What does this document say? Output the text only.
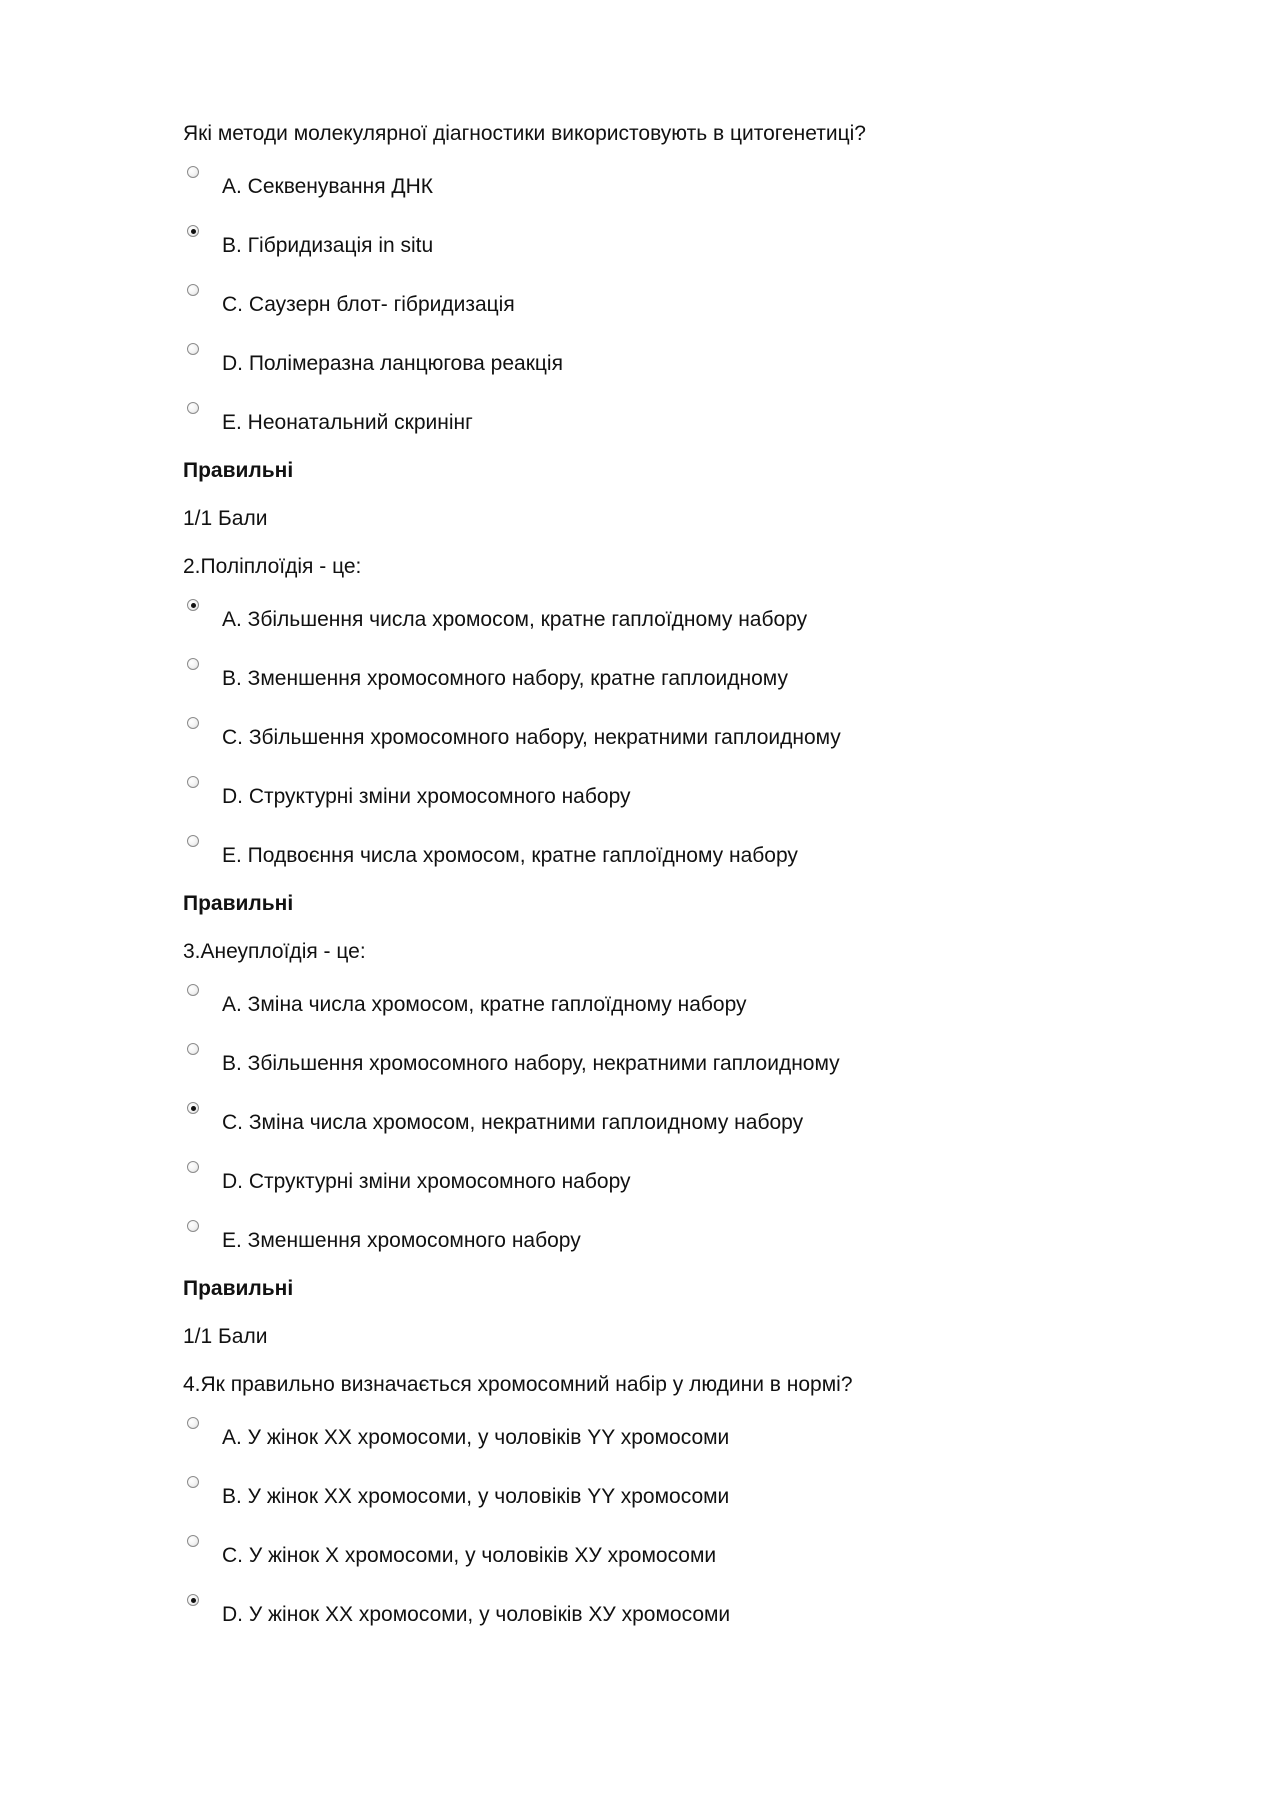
Які методи молекулярної діагностики використовують в цитогенетиці?

A. Секвенування ДНК
B. Гібридизація in situ
C. Саузерн блот- гібридизація
D. Полімеразна ланцюгова реакція
E. Неонатальний скринінг
Правильні
1/1 Бали

2.Поліплоїдія - це:

A. Збільшення числа хромосом, кратне гаплоїдному набору
B. Зменшення хромосомного набору, кратне гаплоидному
C. Збільшення хромосомного набору, некратними гаплоидному
D. Структурні зміни хромосомного набору
E. Подвоєння числа хромосом, кратне гаплоїдному набору
Правильні

3.Анеуплоїдія - це:

A. Зміна числа хромосом, кратне гаплоїдному набору
B. Збільшення хромосомного набору, некратними гаплоидному
C. Зміна числа хромосом, некратними гаплоидному набору
D. Структурні зміни хромосомного набору
E. Зменшення хромосомного набору
Правильні
1/1 Бали

4.Як правильно визначається хромосомний набір у людини в нормі?

A. У жінок ХХ хромосоми, у чоловіків YY хромосоми
B. У жінок ХХ хромосоми, у чоловіків YY хромосоми
C. У жінок Х хромосоми, у чоловіків ХУ хромосоми
D. У жінок ХХ хромосоми, у чоловіків ХУ хромосоми
